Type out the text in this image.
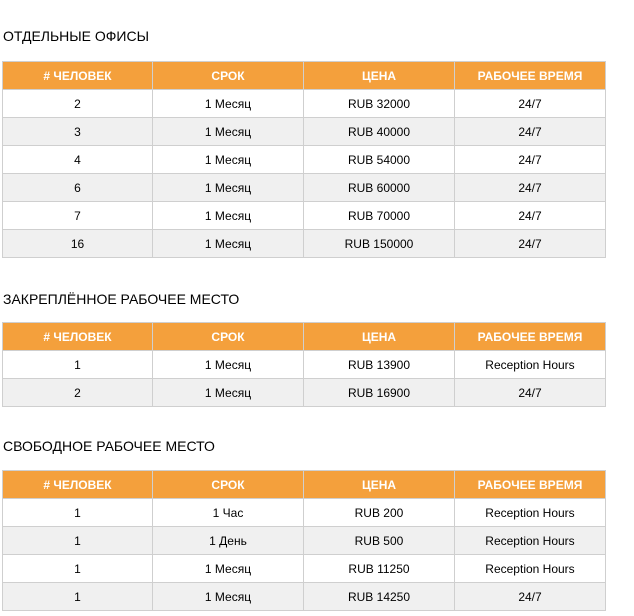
ОТДЕЛЬНЫЕ ОФИСЫ
# ЧЕЛОВЕК	СРОК	ЦЕНА	РАБОЧЕЕ ВРЕМЯ
2	1 Месяц	RUB 32000	24/7
3	1 Месяц	RUB 40000	24/7
4	1 Месяц	RUB 54000	24/7
6	1 Месяц	RUB 60000	24/7
7	1 Месяц	RUB 70000	24/7
16	1 Месяц	RUB 150000	24/7
ЗАКРЕПЛЁННОЕ РАБОЧЕЕ МЕСТО
# ЧЕЛОВЕК	СРОК	ЦЕНА	РАБОЧЕЕ ВРЕМЯ
1	1 Месяц	RUB 13900	Reception Hours
2	1 Месяц	RUB 16900	24/7
СВОБОДНОЕ РАБОЧЕЕ МЕСТО
# ЧЕЛОВЕК	СРОК	ЦЕНА	РАБОЧЕЕ ВРЕМЯ
1	1 Час	RUB 200	Reception Hours
1	1 День	RUB 500	Reception Hours
1	1 Месяц	RUB 11250	Reception Hours
1	1 Месяц	RUB 14250	24/7
